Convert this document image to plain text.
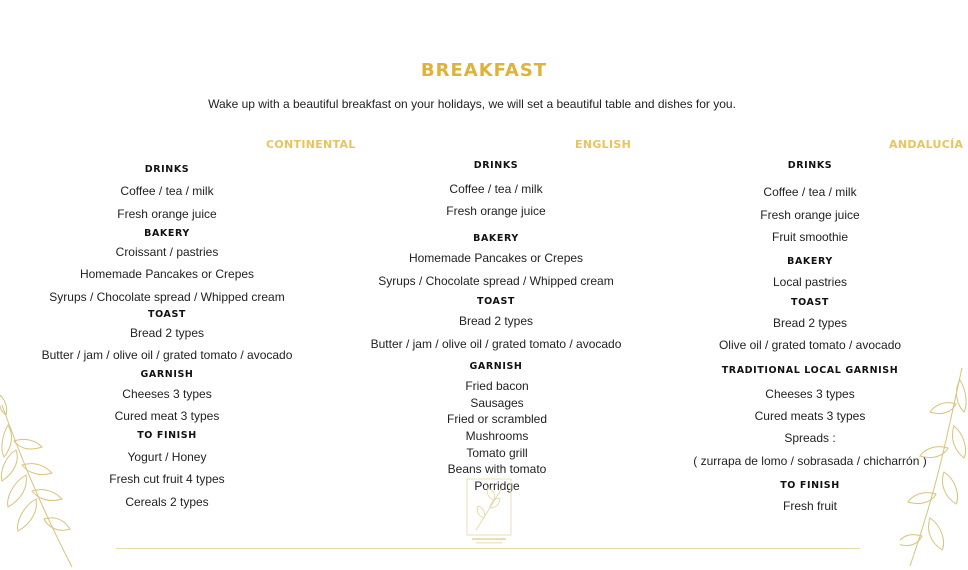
BREAKFAST
Wake up with a beautiful breakfast on your holidays, we will set a beautiful table and dishes for you.
CONTINENTAL	ENGLISH	ANDALUCÍA
DRINKS
Coffee / tea / milk
Fresh orange juice
BAKERY
Croissant / pastries
Homemade Pancakes or Crepes
Syrups / Chocolate spread / Whipped cream
TOAST
Bread 2 types
Butter / jam / olive oil / grated tomato / avocado
GARNISH
Cheeses 3 types
Cured meat 3 types
TO FINISH
Yogurt / Honey
Fresh cut fruit 4 types
Cereals 2 types
DRINKS
Coffee / tea / milk
Fresh orange juice
BAKERY
Homemade Pancakes or Crepes
Syrups / Chocolate spread / Whipped cream
TOAST
Bread 2 types
Butter / jam / olive oil / grated tomato / avocado
GARNISH
Fried bacon
Sausages
Fried or scrambled
Mushrooms
Tomato grill
Beans with tomato
Porridge
DRINKS
Coffee / tea / milk
Fresh orange juice
Fruit smoothie
BAKERY
Local pastries
TOAST
Bread 2 types
Olive oil / grated tomato / avocado
TRADITIONAL LOCAL GARNISH
Cheeses 3 types
Cured meats 3 types
Spreads :
( zurrapa de lomo / sobrasada / chicharrón )
TO FINISH
Fresh fruit
